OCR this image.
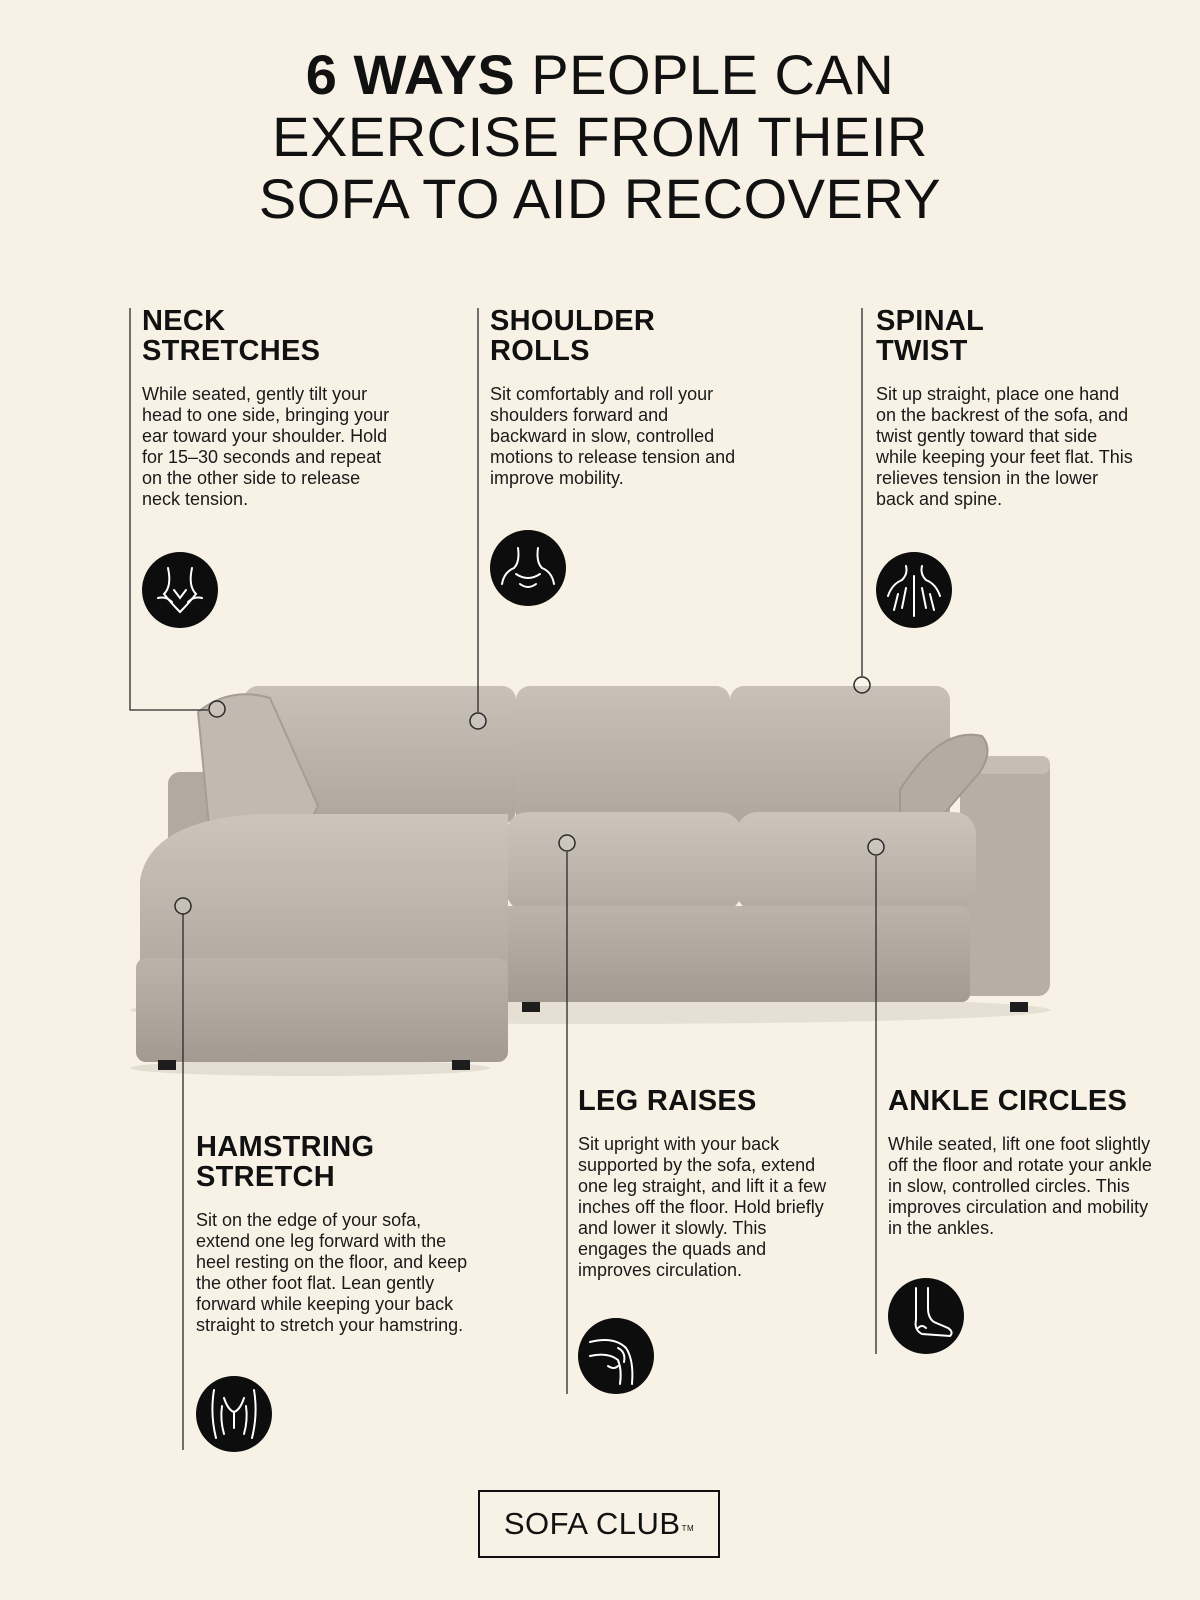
6 WAYS PEOPLE CAN
EXERCISE FROM THEIR
SOFA TO AID RECOVERY
NECK
STRETCHES

While seated, gently tilt your head to one side, bringing your ear toward your shoulder. Hold for 15–30 seconds and repeat on the other side to release neck tension.

SHOULDER
ROLLS

Sit comfortably and roll your shoulders forward and backward in slow, controlled motions to release tension and improve mobility.

SPINAL
TWIST

Sit up straight, place one hand on the backrest of the sofa, and twist gently toward that side while keeping your feet flat. This relieves tension in the lower back and spine.

HAMSTRING
STRETCH

Sit on the edge of your sofa, extend one leg forward with the heel resting on the floor, and keep the other foot flat. Lean gently forward while keeping your back straight to stretch your hamstring.

LEG RAISES

Sit upright with your back supported by the sofa, extend one leg straight, and lift it a few inches off the floor. Hold briefly and lower it slowly. This engages the quads and improves circulation.

ANKLE CIRCLES

While seated, lift one foot slightly off the floor and rotate your ankle in slow, controlled circles. This improves circulation and mobility in the ankles.

SOFA CLUB™
